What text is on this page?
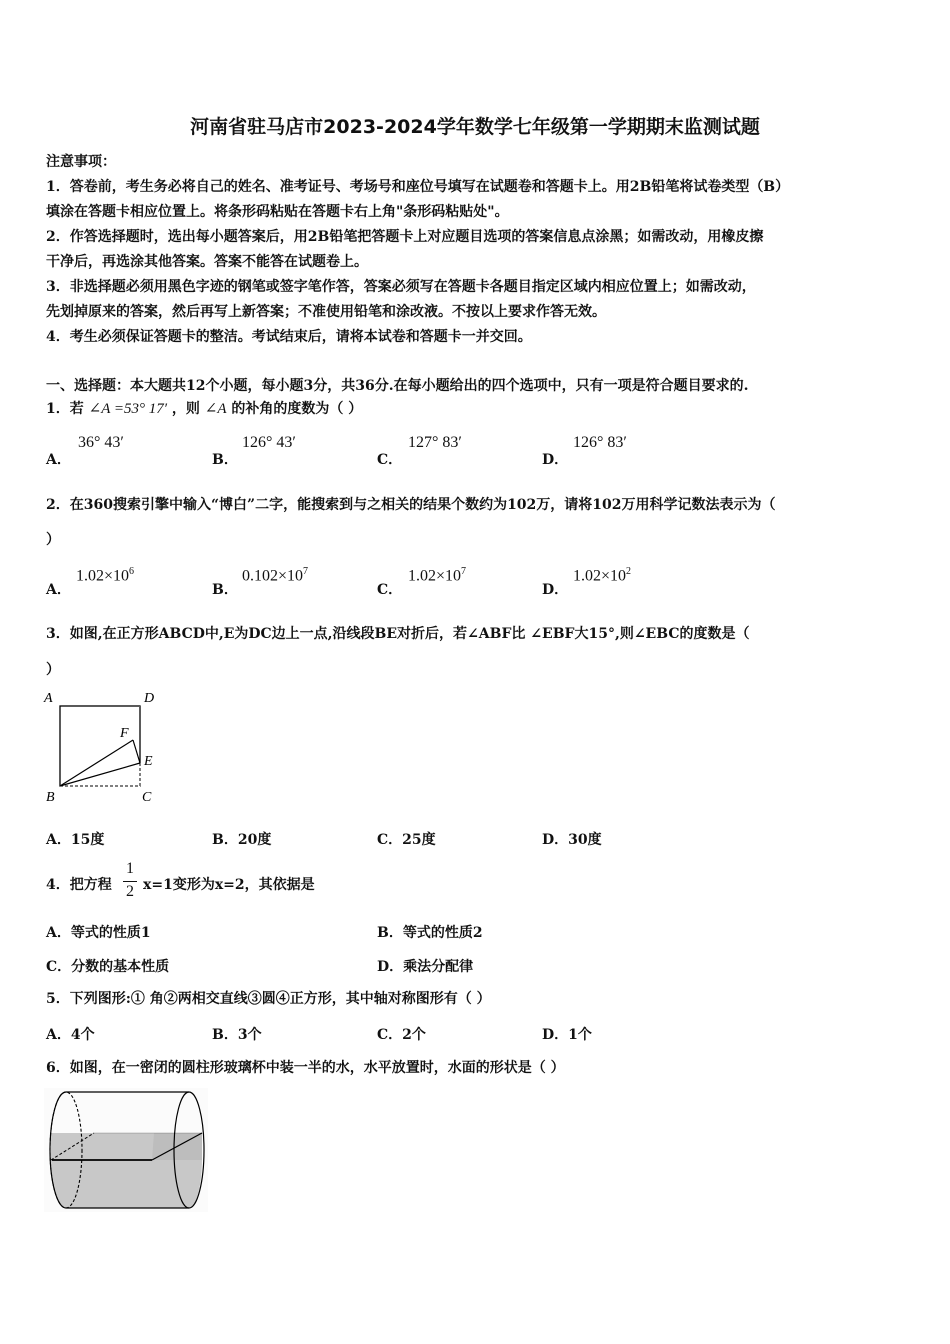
河南省驻马店市2023-2024学年数学七年级第一学期期末监测试题
注意事项：
1．答卷前，考生务必将自己的姓名、准考证号、考场号和座位号填写在试题卷和答题卡上。用2B铅笔将试卷类型（B）
填涂在答题卡相应位置上。将条形码粘贴在答题卡右上角"条形码粘贴处"。
2．作答选择题时，选出每小题答案后，用2B铅笔把答题卡上对应题目选项的答案信息点涂黑；如需改动，用橡皮擦
干净后，再选涂其他答案。答案不能答在试题卷上。
3．非选择题必须用黑色字迹的钢笔或签字笔作答，答案必须写在答题卡各题目指定区域内相应位置上；如需改动，
先划掉原来的答案，然后再写上新答案；不准使用铅笔和涂改液。不按以上要求作答无效。
4．考生必须保证答题卡的整洁。考试结束后，请将本试卷和答题卡一并交回。
一、选择题：本大题共12个小题，每小题3分，共36分.在每小题给出的四个选项中，只有一项是符合题目要求的.
1．若 ∠A =53° 17′ ，则 ∠A 的补角的度数为（ ）
A．
36° 43′
B．
126° 43′
C．
127° 83′
D．
126° 83′
2．在360搜索引擎中输入“博白”二字，能搜索到与之相关的结果个数约为102万，请将102万用科学记数法表示为（
）
A．
$1.02\times 10^6$
B．
$0.102\times 10^7$
C．
$1.02\times 10^7$
D．
$1.02\times 10^2$
3．如图,在正方形ABCD中,E为DC边上一点,沿线段BE对折后，若∠ABF比 ∠EBF大15°,则∠EBC的度数是（
）
A	D
F
E
B	C
A．15度	B．20度	C．25度	D．30度
4．把方程
1
2 x=1变形为x=2，其依据是
A．等式的性质1	B．等式的性质2
C．分数的基本性质	D．乘法分配律
5．下列图形:① 角②两相交直线③圆④正方形，其中轴对称图形有（ ）
A．4个	B．3个	C．2个	D．1个
6．如图，在一密闭的圆柱形玻璃杯中装一半的水，水平放置时，水面的形状是（ ）
